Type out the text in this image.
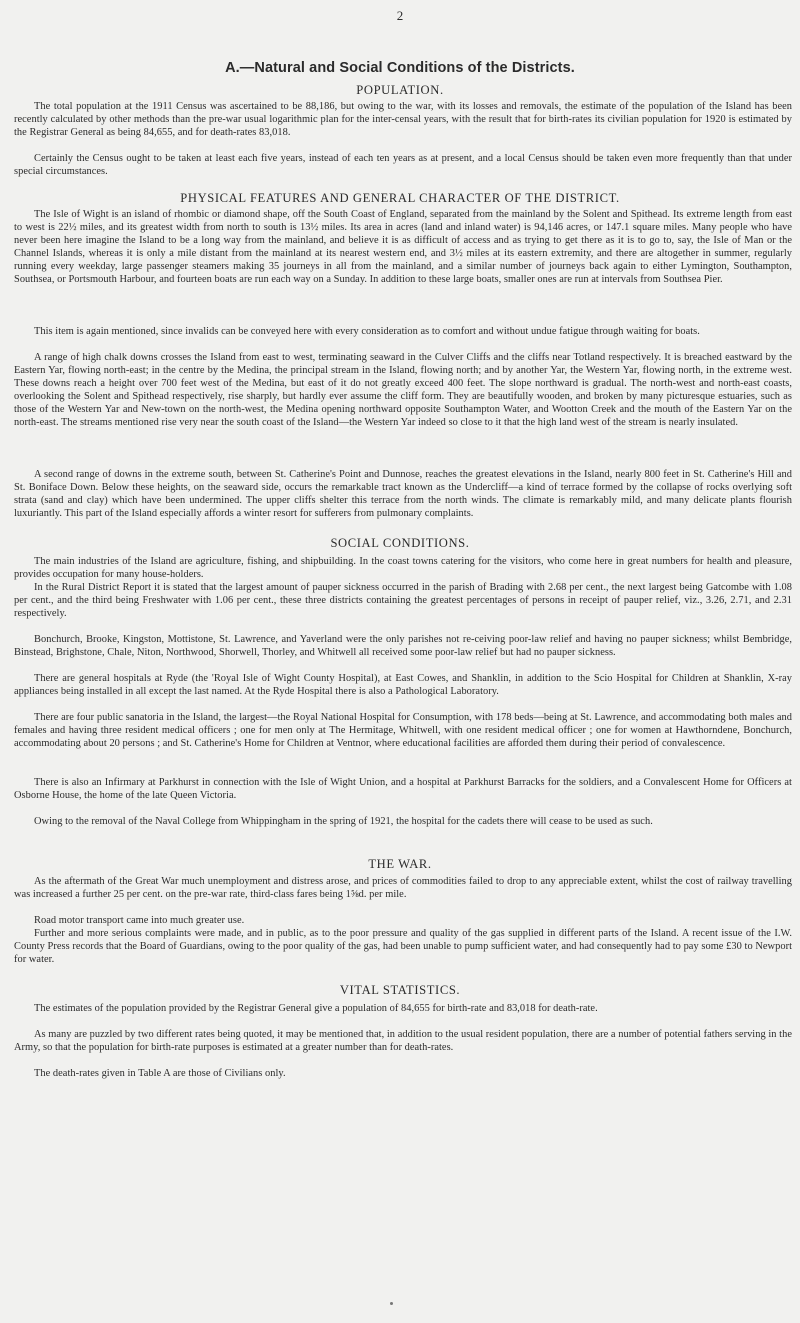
2
A.—Natural and Social Conditions of the Districts.
POPULATION.

The total population at the 1911 Census was ascertained to be 88,186, but owing to the war, with its losses and removals, the estimate of the population of the Island has been recently calculated by other methods than the pre-war usual logarithmic plan for the inter-censal years, with the result that for birth-rates its civilian population for 1920 is estimated by the Registrar General as being 84,655, and for death-rates 83,018.

Certainly the Census ought to be taken at least each five years, instead of each ten years as at present, and a local Census should be taken even more frequently than that under special circumstances.

PHYSICAL FEATURES AND GENERAL CHARACTER OF THE DISTRICT.

The Isle of Wight is an island of rhombic or diamond shape, off the South Coast of England, separated from the mainland by the Solent and Spithead. Its extreme length from east to west is 22½ miles, and its greatest width from north to south is 13½ miles. Its area in acres (land and inland water) is 94,146 acres, or 147.1 square miles. Many people who have never been here imagine the Island to be a long way from the mainland, and believe it is as difficult of access and as trying to get there as it is to go to, say, the Isle of Man or the Channel Islands, whereas it is only a mile distant from the mainland at its nearest western end, and 3½ miles at its eastern extremity, and there are altogether in summer, regularly running every weekday, large passenger steamers making 35 journeys in all from the mainland, and a similar number of journeys back again to either Lymington, Southampton, Southsea, or Portsmouth Harbour, and fourteen boats are run each way on a Sunday. In addition to these large boats, smaller ones are run at intervals from Southsea Pier.

This item is again mentioned, since invalids can be conveyed here with every consideration as to comfort and without undue fatigue through waiting for boats.

A range of high chalk downs crosses the Island from east to west, terminating seaward in the Culver Cliffs and the cliffs near Totland respectively. It is breached eastward by the Eastern Yar, flowing north-east; in the centre by the Medina, the principal stream in the Island, flowing north; and by another Yar, the Western Yar, flowing north, in the extreme west. These downs reach a height over 700 feet west of the Medina, but east of it do not greatly exceed 400 feet. The slope northward is gradual. The north-west and north-east coasts, overlooking the Solent and Spithead respectively, rise sharply, but hardly ever assume the cliff form. They are beautifully wooden, and broken by many picturesque estuaries, such as those of the Western Yar and New-town on the north-west, the Medina opening northward opposite Southampton Water, and Wootton Creek and the mouth of the Eastern Yar on the north-east. The streams mentioned rise very near the south coast of the Island—the Western Yar indeed so close to it that the high land west of the stream is nearly insulated.

A second range of downs in the extreme south, between St. Catherine's Point and Dunnose, reaches the greatest elevations in the Island, nearly 800 feet in St. Catherine's Hill and St. Boniface Down. Below these heights, on the seaward side, occurs the remarkable tract known as the Undercliff—a kind of terrace formed by the collapse of rocks overlying soft strata (sand and clay) which have been undermined. The upper cliffs shelter this terrace from the north winds. The climate is remarkably mild, and many delicate plants flourish luxuriantly. This part of the Island especially affords a winter resort for sufferers from pulmonary complaints.

SOCIAL CONDITIONS.

The main industries of the Island are agriculture, fishing, and shipbuilding. In the coast towns catering for the visitors, who come here in great numbers for health and pleasure, provides occupation for many house-holders.

In the Rural District Report it is stated that the largest amount of pauper sickness occurred in the parish of Brading with 2.68 per cent., the next largest being Gatcombe with 1.08 per cent., and the third being Freshwater with 1.06 per cent., these three districts containing the greatest percentages of persons in receipt of pauper relief, viz., 3.26, 2.71, and 2.31 respectively.

Bonchurch, Brooke, Kingston, Mottistone, St. Lawrence, and Yaverland were the only parishes not re-ceiving poor-law relief and having no pauper sickness; whilst Bembridge, Binstead, Brighstone, Chale, Niton, Northwood, Shorwell, Thorley, and Whitwell all received some poor-law relief but had no pauper sickness.

There are general hospitals at Ryde (the 'Royal Isle of Wight County Hospital), at East Cowes, and Shanklin, in addition to the Scio Hospital for Children at Shanklin, X-ray appliances being installed in all except the last named. At the Ryde Hospital there is also a Pathological Laboratory.

There are four public sanatoria in the Island, the largest—the Royal National Hospital for Consumption, with 178 beds—being at St. Lawrence, and accommodating both males and females and having three resident medical officers ; one for men only at The Hermitage, Whitwell, with one resident medical officer ; one for women at Hawthorndene, Bonchurch, accommodating about 20 persons ; and St. Catherine's Home for Children at Ventnor, where educational facilities are afforded them during their period of convalescence.

There is also an Infirmary at Parkhurst in connection with the Isle of Wight Union, and a hospital at Parkhurst Barracks for the soldiers, and a Convalescent Home for Officers at Osborne House, the home of the late Queen Victoria.

Owing to the removal of the Naval College from Whippingham in the spring of 1921, the hospital for the cadets there will cease to be used as such.

THE WAR.

As the aftermath of the Great War much unemployment and distress arose, and prices of commodities failed to drop to any appreciable extent, whilst the cost of railway travelling was increased a further 25 per cent. on the pre-war rate, third-class fares being 1⅝d. per mile.

Road motor transport came into much greater use.

Further and more serious complaints were made, and in public, as to the poor pressure and quality of the gas supplied in different parts of the Island. A recent issue of the I.W. County Press records that the Board of Guardians, owing to the poor quality of the gas, had been unable to pump sufficient water, and had consequently had to pay some £30 to Newport for water.

VITAL STATISTICS.

The estimates of the population provided by the Registrar General give a population of 84,655 for birth-rate and 83,018 for death-rate.

As many are puzzled by two different rates being quoted, it may be mentioned that, in addition to the usual resident population, there are a number of potential fathers serving in the Army, so that the population for birth-rate purposes is estimated at a greater number than for death-rates.

The death-rates given in Table A are those of Civilians only.
